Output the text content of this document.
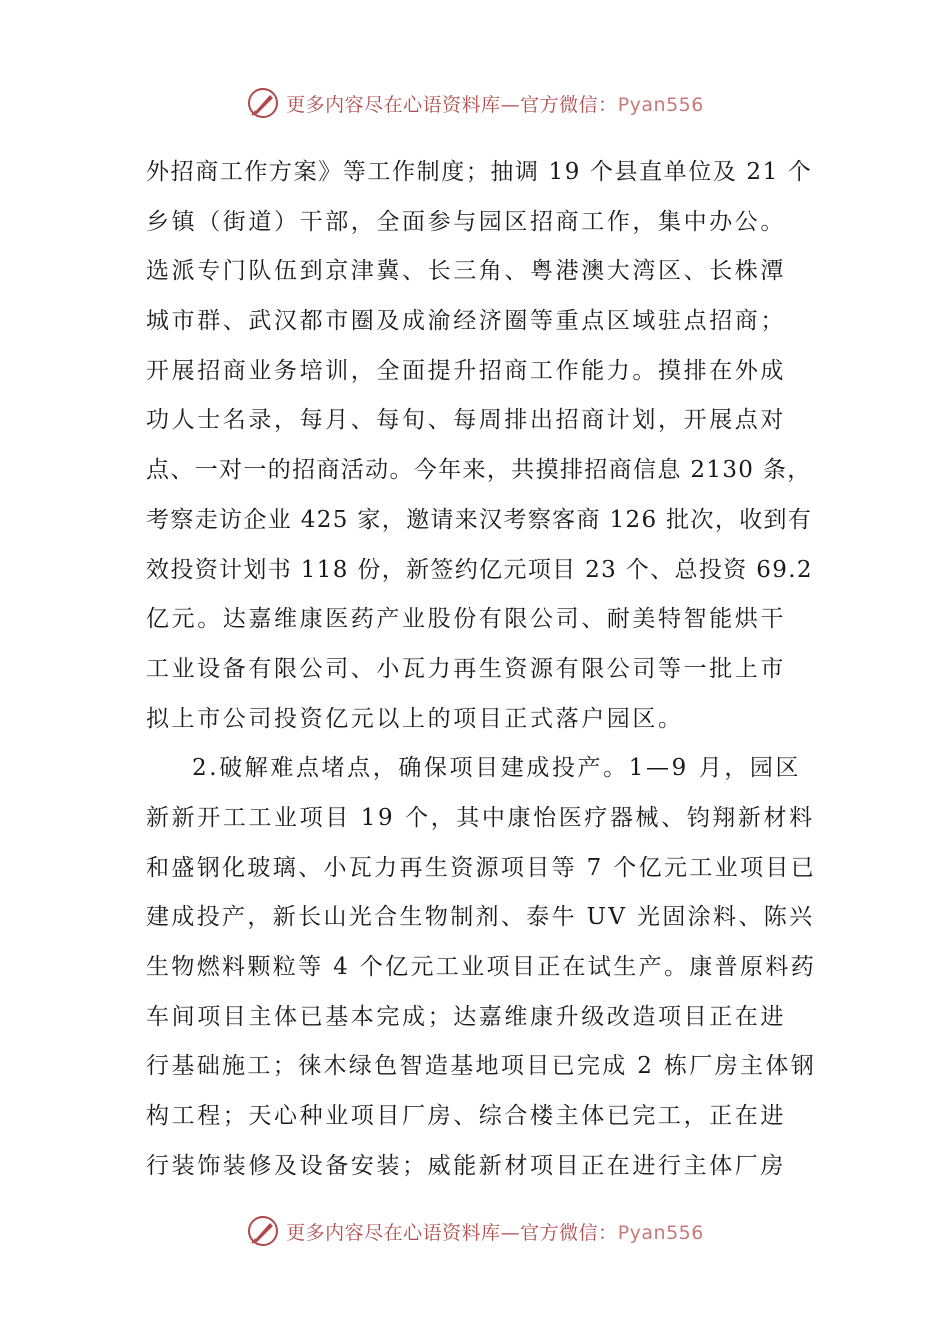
更多内容尽在心语资料库—官方微信：Pyan556

外招商工作方案》等工作制度；抽调 19 个县直单位及 21 个
乡镇（街道）干部，全面参与园区招商工作，集中办公。
选派专门队伍到京津冀、长三角、粤港澳大湾区、长株潭
城市群、武汉都市圈及成渝经济圈等重点区域驻点招商；
开展招商业务培训，全面提升招商工作能力。摸排在外成
功人士名录，每月、每旬、每周排出招商计划，开展点对
点、一对一的招商活动。今年来，共摸排招商信息 2130 条，
考察走访企业 425 家，邀请来汉考察客商 126 批次，收到有
效投资计划书 118 份，新签约亿元项目 23 个、总投资 69.2
亿元。达嘉维康医药产业股份有限公司、耐美特智能烘干
工业设备有限公司、小瓦力再生资源有限公司等一批上市
拟上市公司投资亿元以上的项目正式落户园区。

2.破解难点堵点，确保项目建成投产。1—9 月，园区
新新开工工业项目 19 个，其中康怡医疗器械、钧翔新材料
和盛钢化玻璃、小瓦力再生资源项目等 7 个亿元工业项目已
建成投产，新长山光合生物制剂、泰牛 UV 光固涂料、陈兴
生物燃料颗粒等 4 个亿元工业项目正在试生产。康普原料药
车间项目主体已基本完成；达嘉维康升级改造项目正在进
行基础施工；徕木绿色智造基地项目已完成 2 栋厂房主体钢
构工程；天心种业项目厂房、综合楼主体已完工，正在进
行装饰装修及设备安装；威能新材项目正在进行主体厂房

更多内容尽在心语资料库—官方微信：Pyan556
